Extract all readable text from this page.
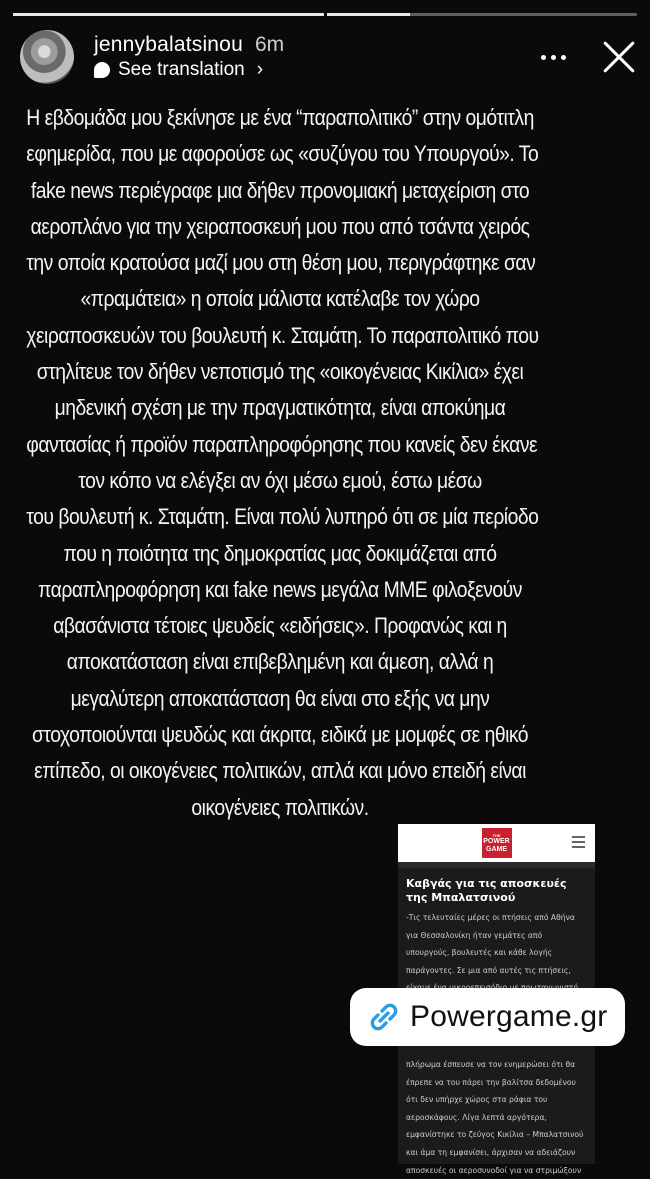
jennybalatsinou 6m
See translation ›
Η εβδομάδα μου ξεκίνησε με ένα “παραπολιτικό” στην ομότιτλη
εφημερίδα, που με αφορούσε ως «συζύγου του Υπουργού». Το
fake news περιέγραφε μια δήθεν προνομιακή μεταχείριση στο
αεροπλάνο για την χειραποσκευή μου που από τσάντα χειρός
την οποία κρατούσα μαζί μου στη θέση μου, περιγράφτηκε σαν
«πραμάτεια» η οποία μάλιστα κατέλαβε τον χώρο
χειραποσκευών του βουλευτή κ. Σταμάτη. Το παραπολιτικό που
στηλίτευε τον δήθεν νεποτισμό της «οικογένειας Κικίλια» έχει
μηδενική σχέση με την πραγματικότητα, είναι αποκύημα
φαντασίας ή προϊόν παραπληροφόρησης που κανείς δεν έκανε
τον κόπο να ελέγξει αν όχι μέσω εμού, έστω μέσω
του βουλευτή κ. Σταμάτη. Είναι πολύ λυπηρό ότι σε μία περίοδο
που η ποιότητα της δημοκρατίας μας δοκιμάζεται από
παραπληροφόρηση και fake news μεγάλα ΜΜΕ φιλοξενούν
αβασάνιστα τέτοιες ψευδείς «ειδήσεις». Προφανώς και η
αποκατάσταση είναι επιβεβλημένη και άμεση, αλλά η
μεγαλύτερη αποκατάσταση θα είναι στο εξής να μην
στοχοποιούνται ψευδώς και άκριτα, ειδικά με μομφές σε ηθικό
επίπεδο, οι οικογένειες πολιτικών, απλά και μόνο επειδή είναι
οικογένειες πολιτικών.
THE
POWER
GAME
Καβγάς για τις αποσκευές της Μπαλατσινού
-Τις τελευταίες μέρες οι πτήσεις από Αθήνα
για Θεσσαλονίκη ήταν γεμάτες από
υπουργούς, βουλευτές και κάθε λογής
παράγοντες. Σε μια από αυτές τις πτήσεις,
πλήρωμα έσπευσε να τον ενημερώσει ότι θα
έπρεπε να του πάρει την βαλίτσα δεδομένου
ότι δεν υπήρχε χώρος στα ράφια του
αεροσκάφους. Λίγα λεπτά αργότερα,
εμφανίστηκε το ζεύγος Κικίλια – Μπαλατσινού
και άμα τη εμφανίσει, άρχισαν να αδειάζουν
αποσκευές οι αεροσυνοδοί για να στριμώξουν
Powergame.gr
